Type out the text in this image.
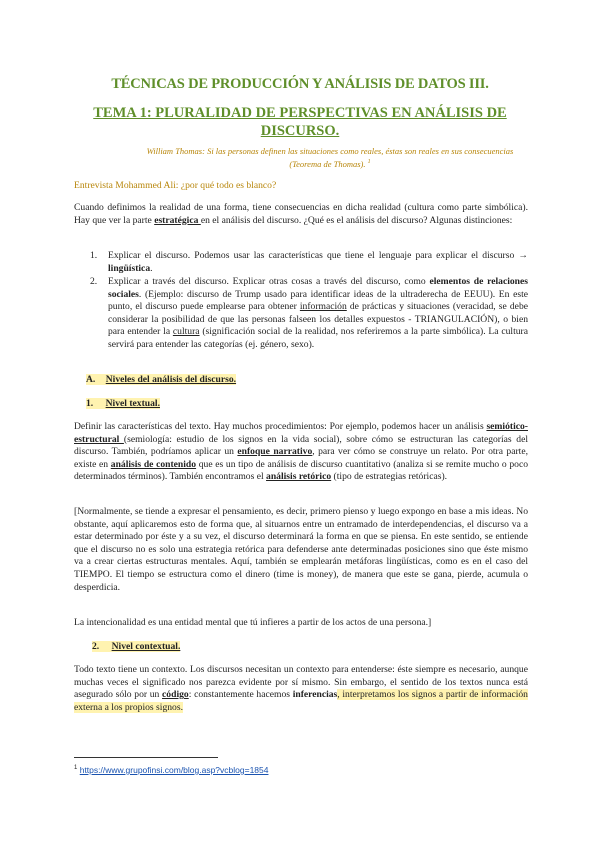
TÉCNICAS DE PRODUCCIÓN Y ANÁLISIS DE DATOS III.
TEMA 1: PLURALIDAD DE PERSPECTIVAS EN ANÁLISIS DE DISCURSO.
William Thomas: Si las personas definen las situaciones como reales, éstas son reales en sus consecuencias (Teorema de Thomas). $^1$
Entrevista Mohammed Ali: ¿por qué todo es blanco?
Cuando definimos la realidad de una forma, tiene consecuencias en dicha realidad (cultura como parte simbólica). Hay que ver la parte estratégica en el análisis del discurso. ¿Qué es el análisis del discurso? Algunas distinciones:
1. Explicar el discurso. Podemos usar las características que tiene el lenguaje para explicar el discurso → lingüística.
2. Explicar a través del discurso. Explicar otras cosas a través del discurso, como elementos de relaciones sociales. (Ejemplo: discurso de Trump usado para identificar ideas de la ultraderecha de EEUU). En este punto, el discurso puede emplearse para obtener información de prácticas y situaciones (veracidad, se debe considerar la posibilidad de que las personas falseen los detalles expuestos - TRIANGULACIÓN), o bien para entender la cultura (significación social de la realidad, nos referiremos a la parte simbólica). La cultura servirá para entender las categorías (ej. género, sexo).
A. Niveles del análisis del discurso.
1. Nivel textual.
Definir las características del texto. Hay muchos procedimientos: Por ejemplo, podemos hacer un análisis semiótico-estructural (semiología: estudio de los signos en la vida social), sobre cómo se estructuran las categorías del discurso. También, podríamos aplicar un enfoque narrativo, para ver cómo se construye un relato. Por otra parte, existe en análisis de contenido que es un tipo de análisis de discurso cuantitativo (analiza si se remite mucho o poco determinados términos). También encontramos el análisis retórico (tipo de estrategias retóricas).
[Normalmente, se tiende a expresar el pensamiento, es decir, primero pienso y luego expongo en base a mis ideas. No obstante, aquí aplicaremos esto de forma que, al situarnos entre un entramado de interdependencias, el discurso va a estar determinado por éste y a su vez, el discurso determinará la forma en que se piensa. En este sentido, se entiende que el discurso no es solo una estrategia retórica para defenderse ante determinadas posiciones sino que éste mismo va a crear ciertas estructuras mentales. Aquí, también se emplearán metáforas lingüísticas, como es en el caso del TIEMPO. El tiempo se estructura como el dinero (time is money), de manera que este se gana, pierde, acumula o desperdicia.
La intencionalidad es una entidad mental que tú infieres a partir de los actos de una persona.]
2. Nivel contextual.
Todo texto tiene un contexto. Los discursos necesitan un contexto para entenderse: éste siempre es necesario, aunque muchas veces el significado nos parezca evidente por sí mismo. Sin embargo, el sentido de los textos nunca está asegurado sólo por un código: constantemente hacemos inferencias, interpretamos los signos a partir de información externa a los propios signos.
$^1$ https://www.grupofinsi.com/blog.asp?vcblog=1854
